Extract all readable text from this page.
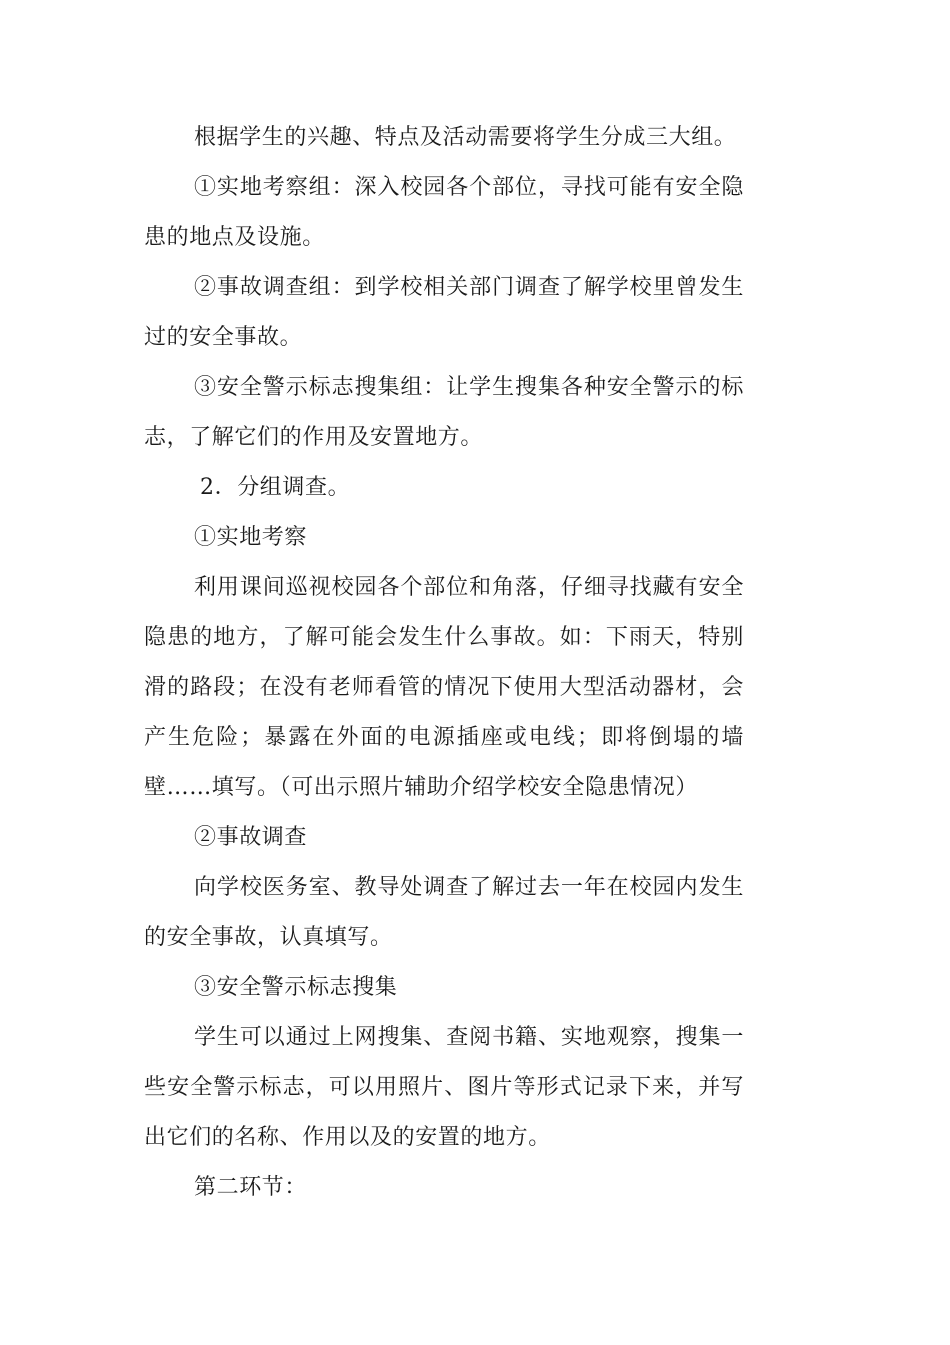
根据学生的兴趣、特点及活动需要将学生分成三大组。

①实地考察组：深入校园各个部位，寻找可能有安全隐患的地点及设施。

②事故调查组：到学校相关部门调查了解学校里曾发生过的安全事故。

③安全警示标志搜集组：让学生搜集各种安全警示的标志，了解它们的作用及安置地方。

2．分组调查。

①实地考察

利用课间巡视校园各个部位和角落，仔细寻找藏有安全隐患的地方，了解可能会发生什么事故。如：下雨天，特别滑的路段；在没有老师看管的情况下使用大型活动器材，会产生危险；暴露在外面的电源插座或电线；即将倒塌的墙壁……填写。（可出示照片辅助介绍学校安全隐患情况）

②事故调查

向学校医务室、教导处调查了解过去一年在校园内发生的安全事故，认真填写。

③安全警示标志搜集

学生可以通过上网搜集、查阅书籍、实地观察，搜集一些安全警示标志，可以用照片、图片等形式记录下来，并写出它们的名称、作用以及的安置的地方。

第二环节：
